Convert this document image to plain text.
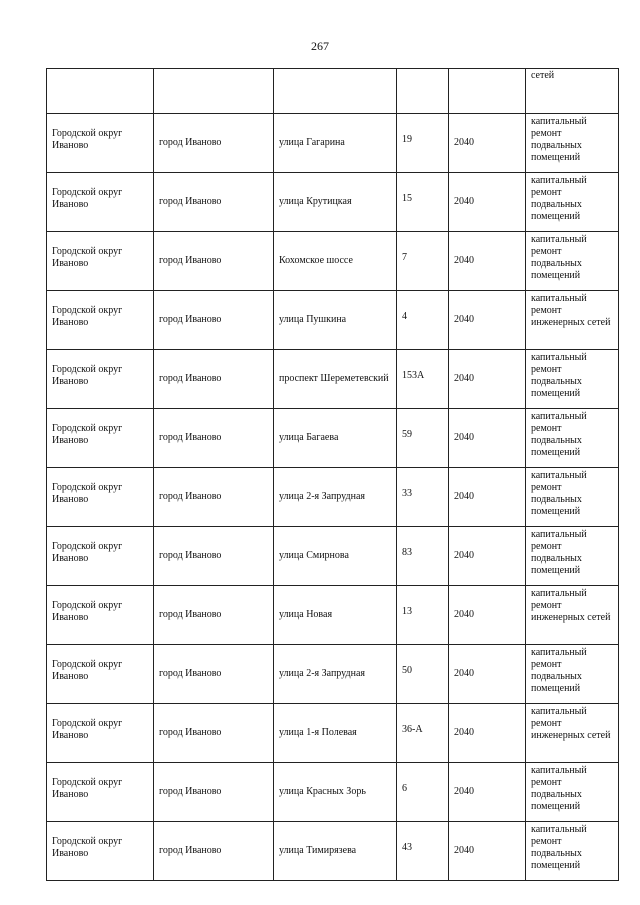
267
					сетей

Городской округ Иваново	город Иваново	улица Гагарина	19	2040	капитальный ремонт подвальных помещений

Городской округ Иваново	город Иваново	улица Крутицкая	15	2040	капитальный ремонт подвальных помещений

Городской округ Иваново	город Иваново	Кохомское шоссе	7	2040	капитальный ремонт подвальных помещений

Городской округ Иваново	город Иваново	улица Пушкина	4	2040	капитальный ремонт инженерных сетей

Городской округ Иваново	город Иваново	проспект Шереметевский	153А	2040	капитальный ремонт подвальных помещений

Городской округ Иваново	город Иваново	улица Багаева	59	2040	капитальный ремонт подвальных помещений

Городской округ Иваново	город Иваново	улица 2-я Запрудная	33	2040	капитальный ремонт подвальных помещений

Городской округ Иваново	город Иваново	улица Смирнова	83	2040	капитальный ремонт подвальных помещений

Городской округ Иваново	город Иваново	улица Новая	13	2040	капитальный ремонт инженерных сетей

Городской округ Иваново	город Иваново	улица 2-я Запрудная	50	2040	капитальный ремонт подвальных помещений

Городской округ Иваново	город Иваново	улица 1-я Полевая	36-А	2040	капитальный ремонт инженерных сетей

Городской округ Иваново	город Иваново	улица Красных Зорь	6	2040	капитальный ремонт подвальных помещений

Городской округ Иваново	город Иваново	улица Тимирязева	43	2040	капитальный ремонт подвальных помещений
